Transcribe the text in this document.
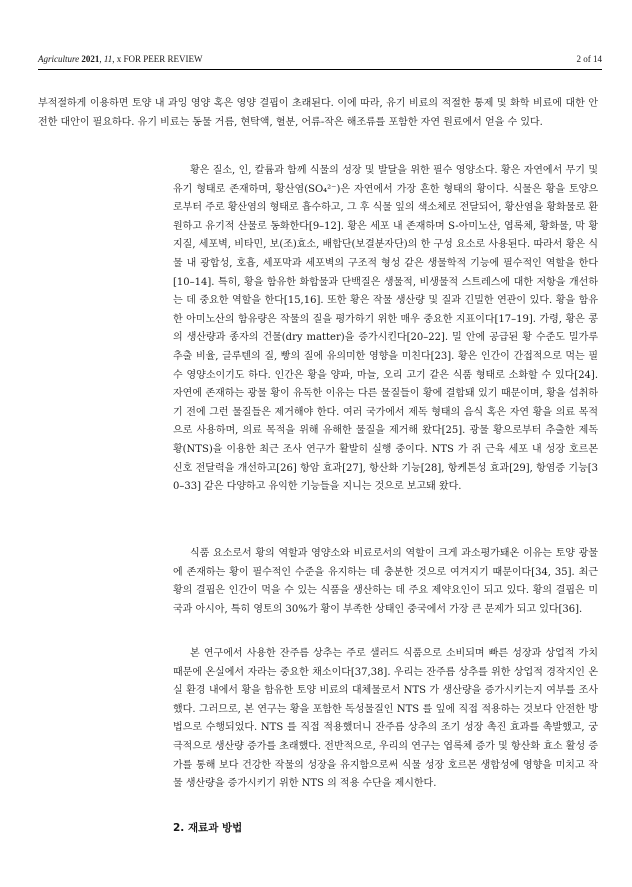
Agriculture 2021, 11, x FOR PEER REVIEW	2 of 14
부적절하게 이용하면 토양 내 과잉 영양 혹은 영양 결핍이 초래된다. 이에 따라, 유기 비료의 적절한 통제 및 화학 비료에 대한 안전한 대안이 필요하다. 유기 비료는 동물 거름, 현탁액, 혈분, 어류-작은 해조류를 포함한 자연 원료에서 얻을 수 있다.
황은 질소, 인, 칼륨과 함께 식물의 성장 및 발달을 위한 필수 영양소다. 황은 자연에서 무기 및 유기 형태로 존재하며, 황산염(SO₄²⁻)은 자연에서 가장 흔한 형태의 황이다. 식물은 황을 토양으로부터 주로 황산염의 형태로 흡수하고, 그 후 식물 잎의 색소체로 전달되어, 황산염을 황화물로 환원하고 유기적 산물로 동화한다[9–12]. 황은 세포 내 존재하며 S-아미노산, 엽록체, 황화물, 막 황지질, 세포벽, 비타민, 보(조)효소, 배합단(보결분자단)의 한 구성 요소로 사용된다. 따라서 황은 식물 내 광합성, 호흡, 세포막과 세포벽의 구조적 형성 같은 생물학적 기능에 필수적인 역할을 한다[10–14]. 특히, 황을 함유한 화합물과 단백질은 생물적, 비생물적 스트레스에 대한 저항을 개선하는 데 중요한 역할을 한다[15,16]. 또한 황은 작물 생산량 및 질과 긴밀한 연관이 있다. 황을 함유한 아미노산의 함유량은 작물의 질을 평가하기 위한 매우 중요한 지표이다[17–19]. 가령, 황은 콩의 생산량과 종자의 건물(dry matter)을 증가시킨다[20–22]. 밀 안에 공급된 황 수준도 밀가루 추출 비율, 글루텐의 질, 빵의 질에 유의미한 영향을 미친다[23]. 황은 인간이 간접적으로 먹는 필수 영양소이기도 하다. 인간은 황을 양파, 마늘, 오리 고기 같은 식품 형태로 소화할 수 있다[24]. 자연에 존재하는 광물 황이 유독한 이유는 다른 물질들이 황에 결합돼 있기 때문이며, 황을 섭취하기 전에 그런 물질들은 제거해야 한다. 여러 국가에서 제독 형태의 음식 혹은 자연 황을 의료 목적으로 사용하며, 의료 목적을 위해 유해한 물질을 제거해 왔다[25]. 광물 황으로부터 추출한 제독 황(NTS)을 이용한 최근 조사 연구가 활발히 실행 중이다. NTS 가 쥐 근육 세포 내 성장 호르몬 신호 전달력을 개선하고[26] 항암 효과[27], 항산화 기능[28], 항케톤성 효과[29], 항염증 기능[30–33] 같은 다양하고 유익한 기능들을 지니는 것으로 보고돼 왔다.
식품 요소로서 황의 역할과 영양소와 비료로서의 역할이 크게 과소평가돼온 이유는 토양 광물에 존재하는 황이 필수적인 수준을 유지하는 데 충분한 것으로 여겨지기 때문이다[34, 35]. 최근 황의 결핍은 인간이 먹을 수 있는 식품을 생산하는 데 주요 제약요인이 되고 있다. 황의 결핍은 미국과 아시아, 특히 영토의 30%가 황이 부족한 상태인 중국에서 가장 큰 문제가 되고 있다[36].
본 연구에서 사용한 잔주름 상추는 주로 샐러드 식품으로 소비되며 빠른 성장과 상업적 가치 때문에 온실에서 자라는 중요한 채소이다[37,38]. 우리는 잔주름 상추를 위한 상업적 경작지인 온실 환경 내에서 황을 함유한 토양 비료의 대체물로서 NTS 가 생산량을 증가시키는지 여부를 조사했다. 그러므로, 본 연구는 황을 포함한 독성물질인 NTS 를 잎에 직접 적용하는 것보다 안전한 방법으로 수행되었다. NTS 를 직접 적용했더니 잔주름 상추의 조기 성장 촉진 효과를 촉발했고, 궁극적으로 생산량 증가를 초래했다. 전반적으로, 우리의 연구는 엽록체 증가 및 항산화 효소 활성 증가를 통해 보다 건강한 작물의 성장을 유지함으로써 식물 성장 호르몬 생합성에 영향을 미치고 작물 생산량을 증가시키기 위한 NTS 의 적용 수단을 제시한다.
2. 재료과 방법
